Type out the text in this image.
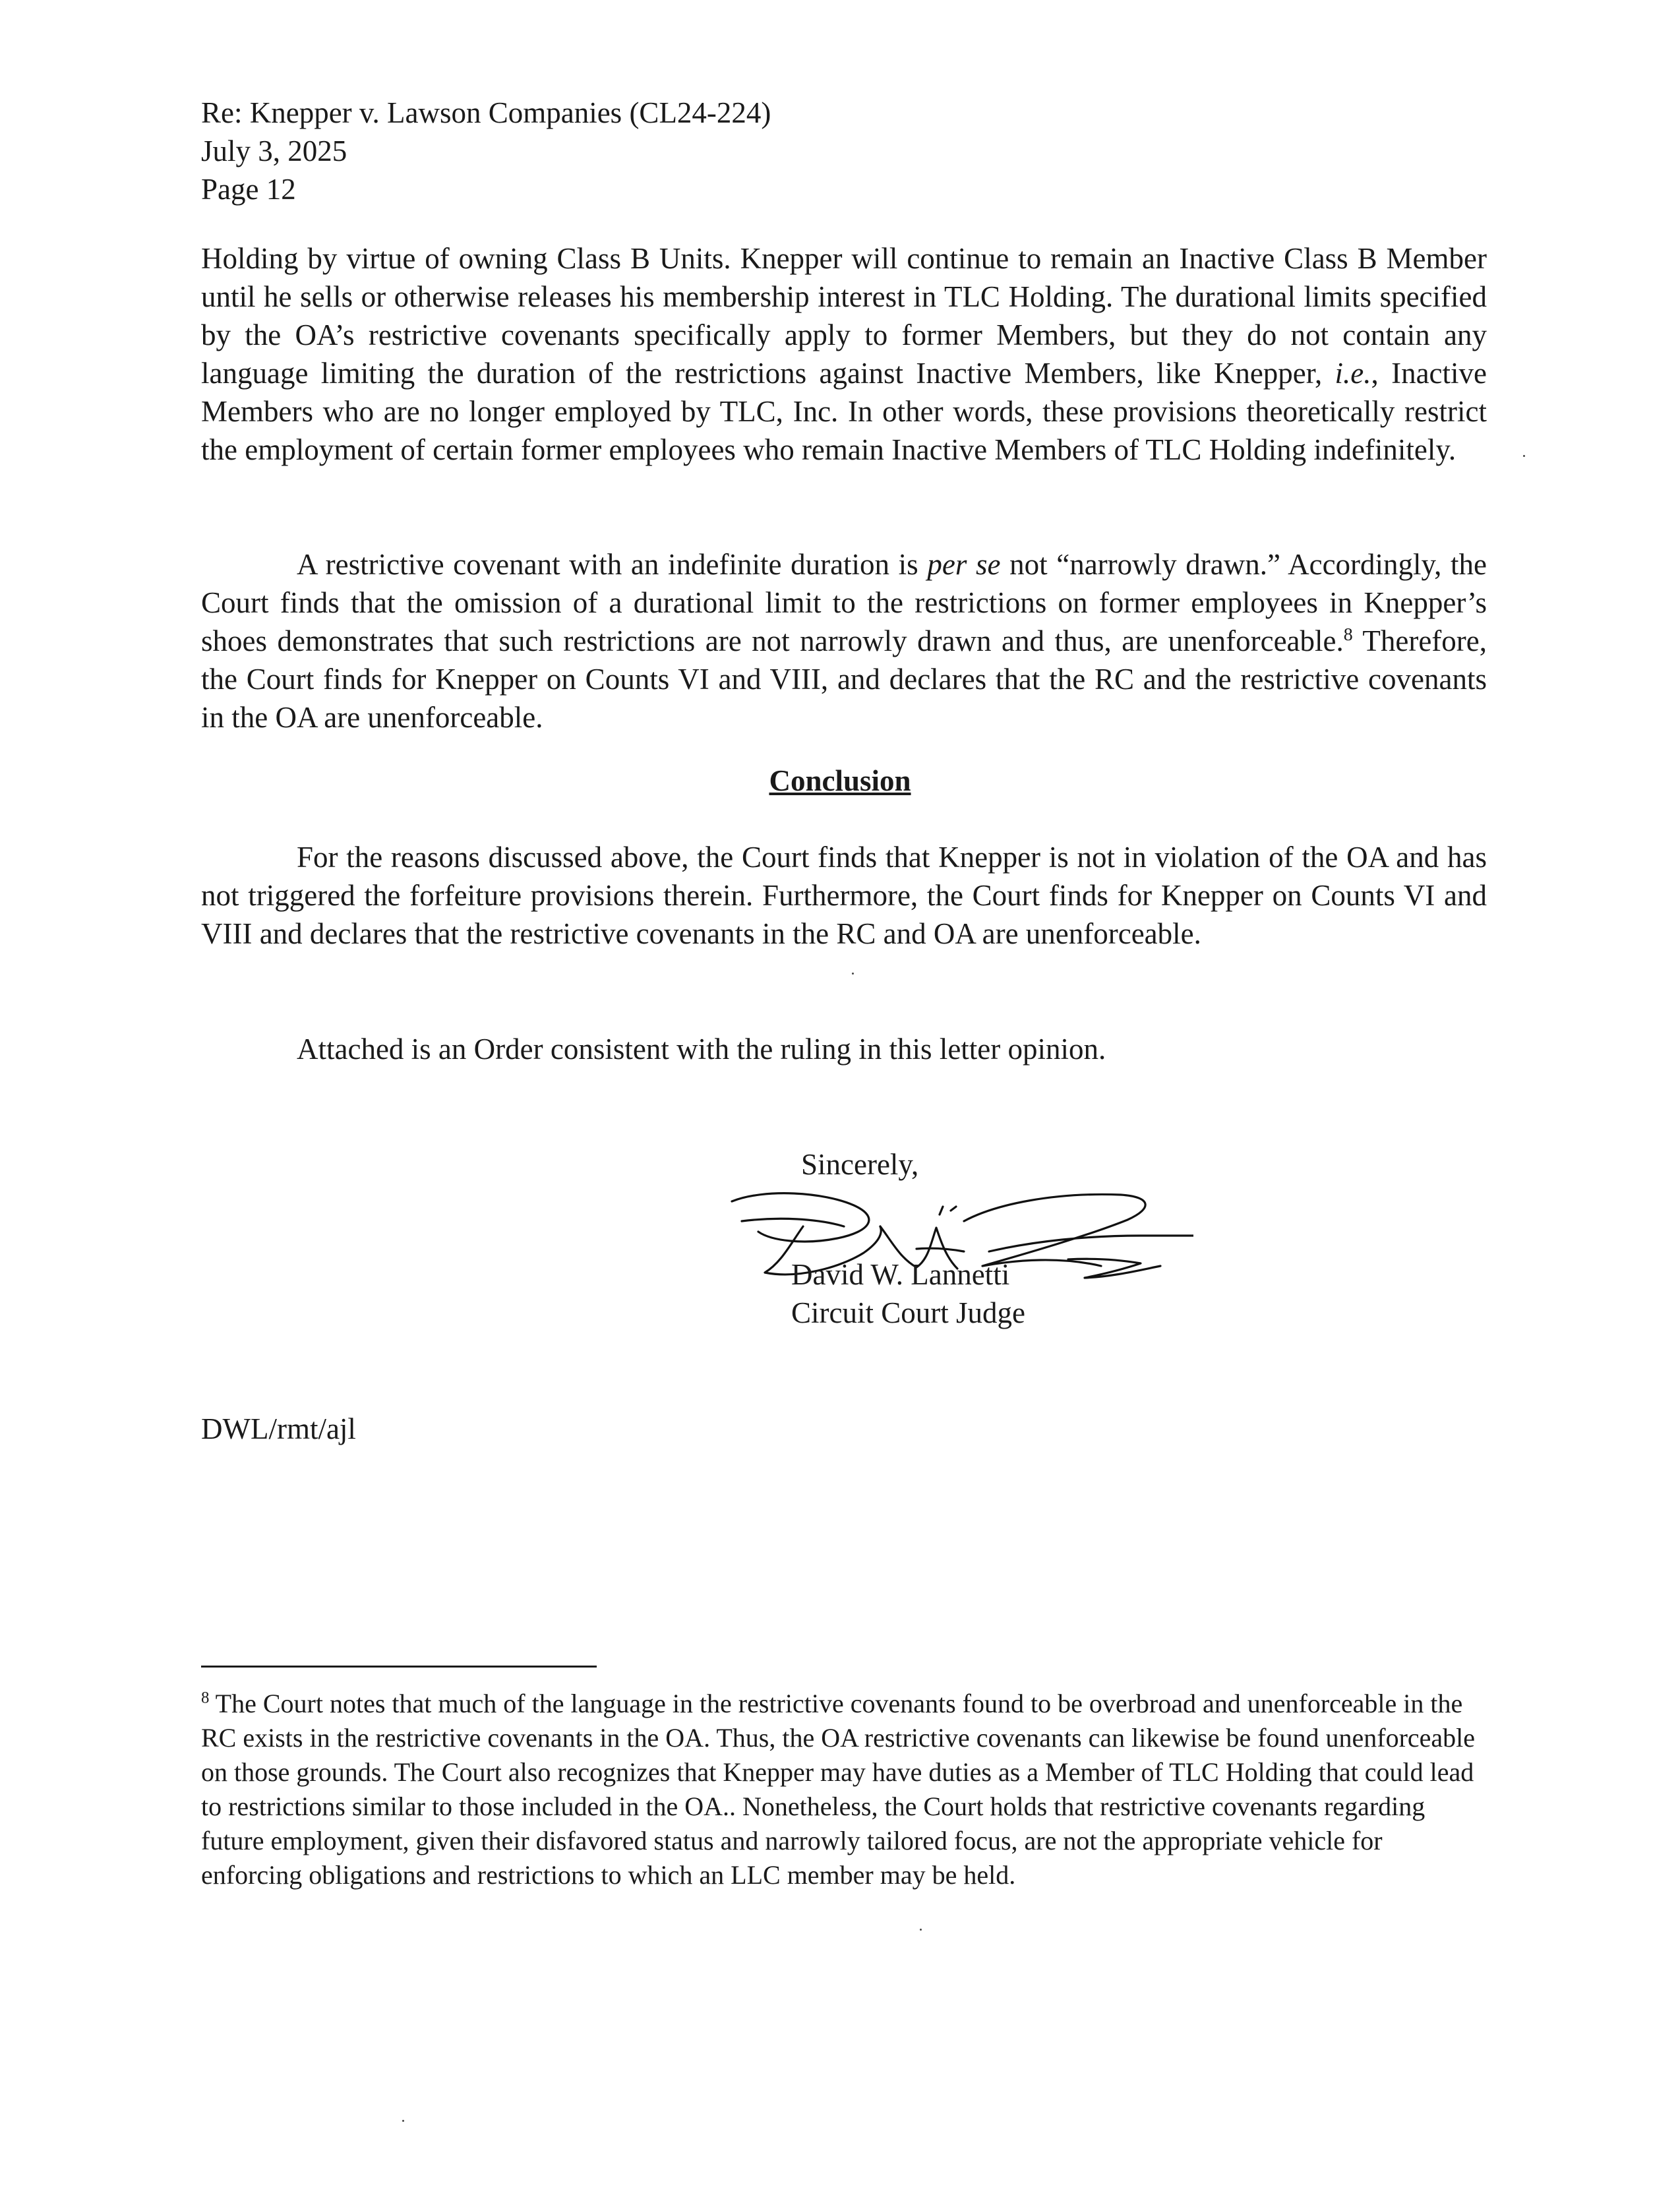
Re: Knepper v. Lawson Companies (CL24-224)
July 3, 2025
Page 12

Holding by virtue of owning Class B Units. Knepper will continue to remain an Inactive Class B Member until he sells or otherwise releases his membership interest in TLC Holding. The durational limits specified by the OA’s restrictive covenants specifically apply to former Members, but they do not contain any language limiting the duration of the restrictions against Inactive Members, like Knepper, i.e., Inactive Members who are no longer employed by TLC, Inc. In other words, these provisions theoretically restrict the employment of certain former employees who remain Inactive Members of TLC Holding indefinitely.

A restrictive covenant with an indefinite duration is per se not “narrowly drawn.” Accordingly, the Court finds that the omission of a durational limit to the restrictions on former employees in Knepper’s shoes demonstrates that such restrictions are not narrowly drawn and thus, are unenforceable.$^8$ Therefore, the Court finds for Knepper on Counts VI and VIII, and declares that the RC and the restrictive covenants in the OA are unenforceable.

Conclusion

For the reasons discussed above, the Court finds that Knepper is not in violation of the OA and has not triggered the forfeiture provisions therein. Furthermore, the Court finds for Knepper on Counts VI and VIII and declares that the restrictive covenants in the RC and OA are unenforceable.

Attached is an Order consistent with the ruling in this letter opinion.

Sincerely,
David W. Lannetti
Circuit Court Judge
DWL/rmt/ajl

$^8$ The Court notes that much of the language in the restrictive covenants found to be overbroad and unenforceable in the RC exists in the restrictive covenants in the OA. Thus, the OA restrictive covenants can likewise be found unenforceable on those grounds. The Court also recognizes that Knepper may have duties as a Member of TLC Holding that could lead to restrictions similar to those included in the OA.. Nonetheless, the Court holds that restrictive covenants regarding future employment, given their disfavored status and narrowly tailored focus, are not the appropriate vehicle for enforcing obligations and restrictions to which an LLC member may be held.
